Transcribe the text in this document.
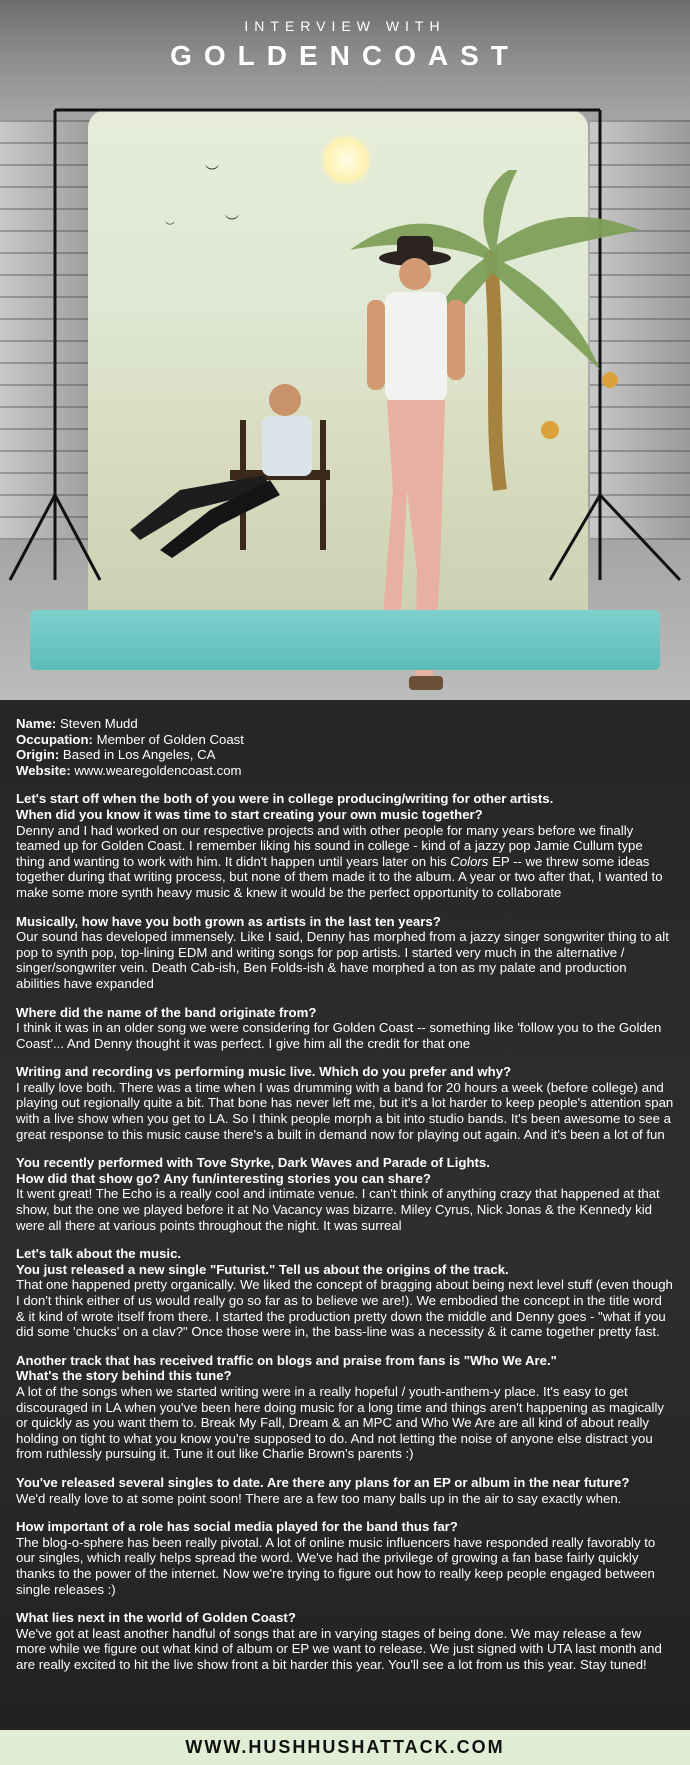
︶
︶
︶
INTERVIEW WITH
GOLDENCOAST

Name: Steven Mudd

Occupation: Member of Golden Coast

Origin: Based in Los Angeles, CA

Website: www.wearegoldencoast.com

Let's start off when the both of you were in college producing/writing for other artists.

When did you know it was time to start creating your own music together?

Denny and I had worked on our respective projects and with other people for many years before we finally teamed up for Golden Coast. I remember liking his sound in college - kind of a jazzy pop Jamie Cullum type thing and wanting to work with him. It didn't happen until years later on his Colors EP -- we threw some ideas together during that writing process, but none of them made it to the album. A year or two after that, I wanted to make some more synth heavy music & knew it would be the perfect opportunity to collaborate

Musically, how have you both grown as artists in the last ten years?

Our sound has developed immensely. Like I said, Denny has morphed from a jazzy singer songwriter thing to alt pop to synth pop, top-lining EDM and writing songs for pop artists. I started very much in the alternative / singer/songwriter vein. Death Cab-ish, Ben Folds-ish & have morphed a ton as my palate and production abilities have expanded

Where did the name of the band originate from?

I think it was in an older song we were considering for Golden Coast -- something like 'follow you to the Golden Coast'... And Denny thought it was perfect. I give him all the credit for that one

Writing and recording vs performing music live. Which do you prefer and why?

I really love both. There was a time when I was drumming with a band for 20 hours a week (before college) and playing out regionally quite a bit. That bone has never left me, but it's a lot harder to keep people's attention span with a live show when you get to LA. So I think people morph a bit into studio bands. It's been awesome to see a great response to this music cause there's a built in demand now for playing out again. And it's been a lot of fun

You recently performed with Tove Styrke, Dark Waves and Parade of Lights.

How did that show go? Any fun/interesting stories you can share?

It went great! The Echo is a really cool and intimate venue. I can't think of anything crazy that happened at that show, but the one we played before it at No Vacancy was bizarre. Miley Cyrus, Nick Jonas & the Kennedy kid were all there at various points throughout the night. It was surreal

Let's talk about the music.

You just released a new single "Futurist." Tell us about the origins of the track.

That one happened pretty organically. We liked the concept of bragging about being next level stuff (even though I don't think either of us would really go so far as to believe we are!). We embodied the concept in the title word & it kind of wrote itself from there. I started the production pretty down the middle and Denny goes - "what if you did some 'chucks' on a clav?" Once those were in, the bass-line was a necessity & it came together pretty fast.

Another track that has received traffic on blogs and praise from fans is "Who We Are."

What's the story behind this tune?

A lot of the songs when we started writing were in a really hopeful / youth-anthem-y place. It's easy to get discouraged in LA when you've been here doing music for a long time and things aren't happening as magically or quickly as you want them to. Break My Fall, Dream & an MPC and Who We Are are all kind of about really holding on tight to what you know you're supposed to do. And not letting the noise of anyone else distract you from ruthlessly pursuing it. Tune it out like Charlie Brown's parents :)

You've released several singles to date. Are there any plans for an EP or album in the near future?

We'd really love to at some point soon! There are a few too many balls up in the air to say exactly when.

How important of a role has social media played for the band thus far?

The blog-o-sphere has been really pivotal. A lot of online music influencers have responded really favorably to our singles, which really helps spread the word. We've had the privilege of growing a fan base fairly quickly thanks to the power of the internet. Now we're trying to figure out how to really keep people engaged between single releases :)

What lies next in the world of Golden Coast?

We've got at least another handful of songs that are in varying stages of being done. We may release a few more while we figure out what kind of album or EP we want to release. We just signed with UTA last month and are really excited to hit the live show front a bit harder this year. You'll see a lot from us this year. Stay tuned!

WWW.HUSHHUSHATTACK.COM
